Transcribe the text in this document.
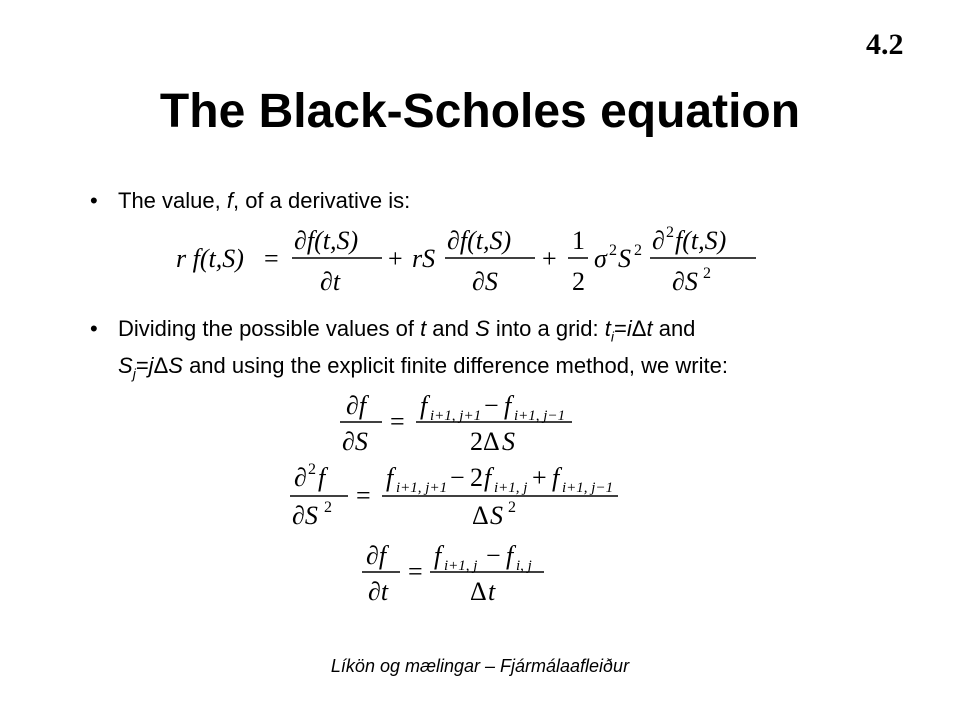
4.2
The Black-Scholes equation
• The value, f, of a derivative is:
r f(t,S) =
∂f(t,S)
∂t
+ rS
∂f(t,S)
∂S
+
1
2
σ 2 S 2 ∂ 2 f(t,S)
∂S 2
• Dividing the possible values of t and S into a grid: $t_i=i\Delta t$ and
$S_j=j\Delta S$ and using the explicit finite difference method, we write:
∂f
∂S
=
f i+1, j+1 − f i+1, j−1
2Δ S
∂ 2 f
∂S 2 =
f i+1, j+1 − 2 f i+1, j + f i+1, j−1
Δ S 2
∂f
∂t
=
f i+1, j − f i, j
Δ t
Líkön og mælingar – Fjármálaafleiður
